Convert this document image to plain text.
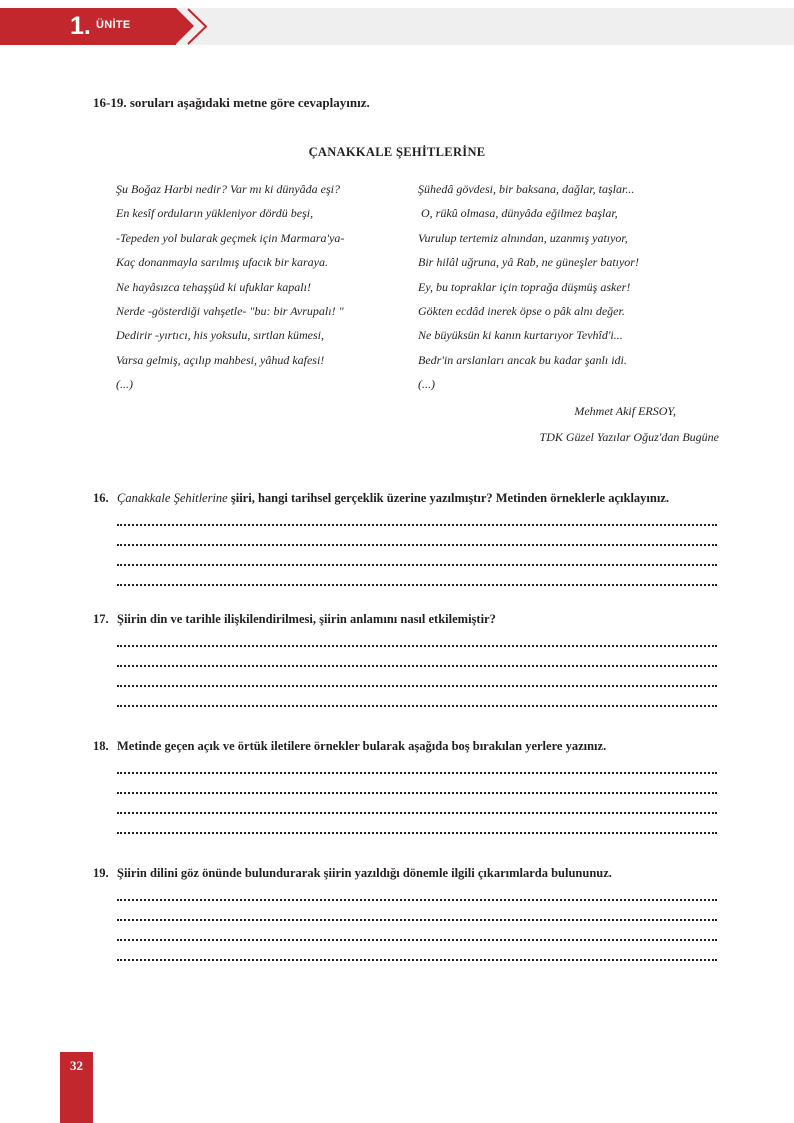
1. ÜNİTE
16-19. soruları aşağıdaki metne göre cevaplayınız.
ÇANAKKALE ŞEHİTLERİNE
Şu Boğaz Harbi nedir? Var mı ki dünyâda eşi?
En kesîf orduların yükleniyor dördü beşi,
-Tepeden yol bularak geçmek için Marmara'ya-
Kaç donanmayla sarılmış ufacık bir karaya.
Ne hayâsızca tehaşşüd ki ufuklar kapalı!
Nerde -gösterdiği vahşetle- "bu: bir Avrupalı! "
Dedirir -yırtıcı, his yoksulu, sırtlan kümesi,
Varsa gelmiş, açılıp mahbesi, yâhud kafesi!
(...)
Şühedâ gövdesi, bir baksana, dağlar, taşlar...
O, rükû olmasa, dünyâda eğilmez başlar,
Vurulup tertemiz alnından, uzanmış yatıyor,
Bir hilâl uğruna, yâ Rab, ne güneşler batıyor!
Ey, bu topraklar için toprağa düşmüş asker!
Gökten ecdâd inerek öpse o pâk alnı değer.
Ne büyüksün ki kanın kurtarıyor Tevhîd'i...
Bedr'in arslanları ancak bu kadar şanlı idi.
(...)
Mehmet Akif ERSOY,
TDK Güzel Yazılar Oğuz'dan Bugüne
16. Çanakkale Şehitlerine şiiri, hangi tarihsel gerçeklik üzerine yazılmıştır? Metinden örneklerle açıklayınız.
17. Şiirin din ve tarihle ilişkilendirilmesi, şiirin anlamını nasıl etkilemiştir?
18. Metinde geçen açık ve örtük iletilere örnekler bularak aşağıda boş bırakılan yerlere yazınız.
19. Şiirin dilini göz önünde bulundurarak şiirin yazıldığı dönemle ilgili çıkarımlarda bulununuz.
32
